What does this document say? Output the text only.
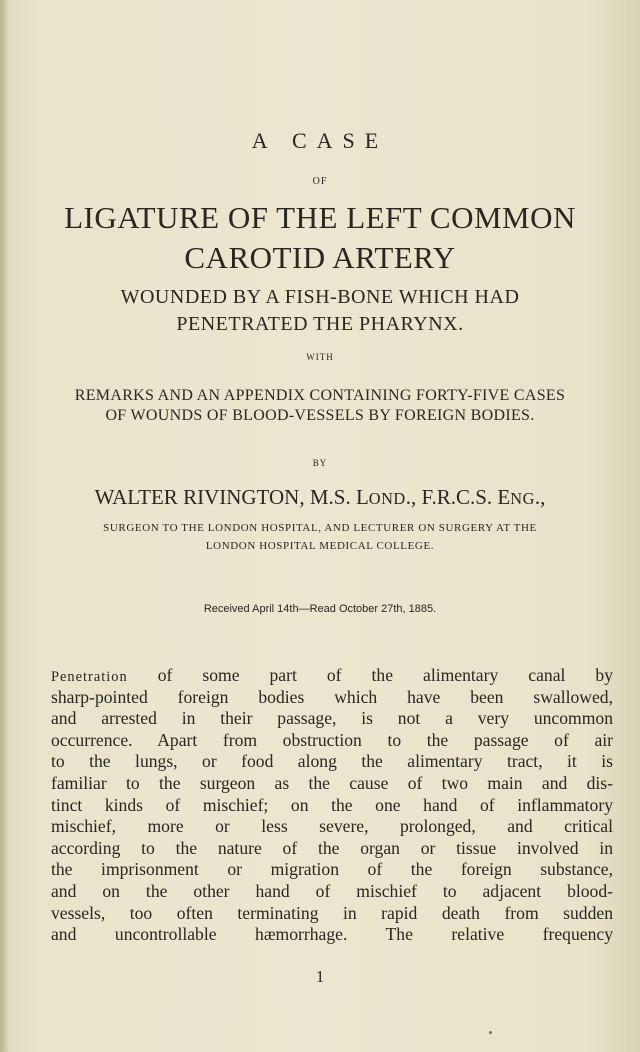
A CASE
OF
LIGATURE OF THE LEFT COMMON
CAROTID ARTERY
WOUNDED BY A FISH-BONE WHICH HAD
PENETRATED THE PHARYNX.
WITH
REMARKS AND AN APPENDIX CONTAINING FORTY-FIVE CASES
OF WOUNDS OF BLOOD-VESSELS BY FOREIGN BODIES.
BY
WALTER RIVINGTON, M.S. LOND., F.R.C.S. ENG.,
SURGEON TO THE LONDON HOSPITAL, AND LECTURER ON SURGERY AT THE
LONDON HOSPITAL MEDICAL COLLEGE.
Received April 14th—Read October 27th, 1885.
Penetration of some part of the alimentary canal by
sharp-pointed foreign bodies which have been swallowed,
and arrested in their passage, is not a very uncommon
occurrence. Apart from obstruction to the passage of air
to the lungs, or food along the alimentary tract, it is
familiar to the surgeon as the cause of two main and dis-
tinct kinds of mischief; on the one hand of inflammatory
mischief, more or less severe, prolonged, and critical
according to the nature of the organ or tissue involved in
the imprisonment or migration of the foreign substance,
and on the other hand of mischief to adjacent blood-
vessels, too often terminating in rapid death from sudden
and uncontrollable hæmorrhage. The relative frequency
1
